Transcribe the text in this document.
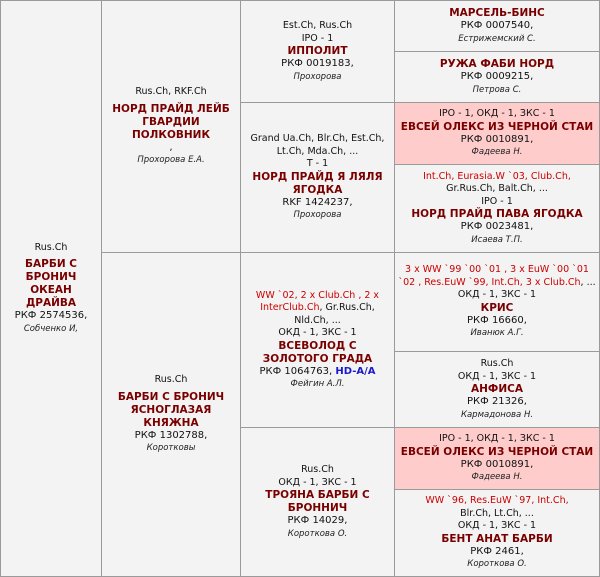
Rus.Ch
БАРБИ С БРОНИЧ ОКЕАН ДРАЙВА
РКФ 2574536,
Собченко И,
Rus.Ch, RKF.Ch
НОРД ПРАЙД ЛЕЙБ ГВАРДИИ ПОЛКОВНИК
,
Прохорова Е.А.
Rus.Ch
БАРБИ С БРОНИЧ ЯСНОГЛАЗАЯ КНЯЖНА
РКФ 1302788,
Коротковы
Est.Ch, Rus.Ch
IPO - 1
ИППОЛИТ
РКФ 0019183,
Прохорова
Grand Ua.Ch, Blr.Ch, Est.Ch, Lt.Ch, Mda.Ch, ...
T - 1
НОРД ПРАЙД Я ЛЯЛЯ ЯГОДКА
RKF 1424237,
Прохорова
WW `02, 2 x Club.Ch , 2 x InterClub.Ch, Gr.Rus.Ch, Nld.Ch, ...
ОКД - 1, ЗКС - 1
ВСЕВОЛОД С ЗОЛОТОГО ГРАДА
РКФ 1064763, HD-A/A
Фейгин А.Л.
Rus.Ch
ОКД - 1, ЗКС - 1
ТРОЯНА БАРБИ С БРОННИЧ
РКФ 14029,
Короткова О.
МАРСЕЛЬ-БИНС
РКФ 0007540,
Естрижемский С.
РУЖА ФАБИ НОРД
РКФ 0009215,
Петрова С.
IPO - 1, ОКД - 1, ЗКС - 1
ЕВСЕЙ ОЛЕКС ИЗ ЧЕРНОЙ СТАИ
РКФ 0010891,
Фадеева Н.
Int.Ch, Eurasia.W `03, Club.Ch,
Gr.Rus.Ch, Balt.Ch, ...
IPO - 1
НОРД ПРАЙД ПАВА ЯГОДКА
РКФ 0023481,
Исаева Т.П.
3 x WW `99 `00 `01 , 3 x EuW `00 `01 `02 , Res.EuW `99, Int.Ch, 3 x Club.Ch, ...
ОКД - 1, ЗКС - 1
КРИС
РКФ 16660,
Иванюк А.Г.
Rus.Ch
ОКД - 1, ЗКС - 1
АНФИСА
РКФ 21326,
Кармадонова Н.
IPO - 1, ОКД - 1, ЗКС - 1
ЕВСЕЙ ОЛЕКС ИЗ ЧЕРНОЙ СТАИ
РКФ 0010891,
Фадеева Н.
WW `96, Res.EuW `97, Int.Ch,
Blr.Ch, Lt.Ch, ...
ОКД - 1, ЗКС - 1
БЕНТ АНАТ БАРБИ
РКФ 2461,
Короткова О.
